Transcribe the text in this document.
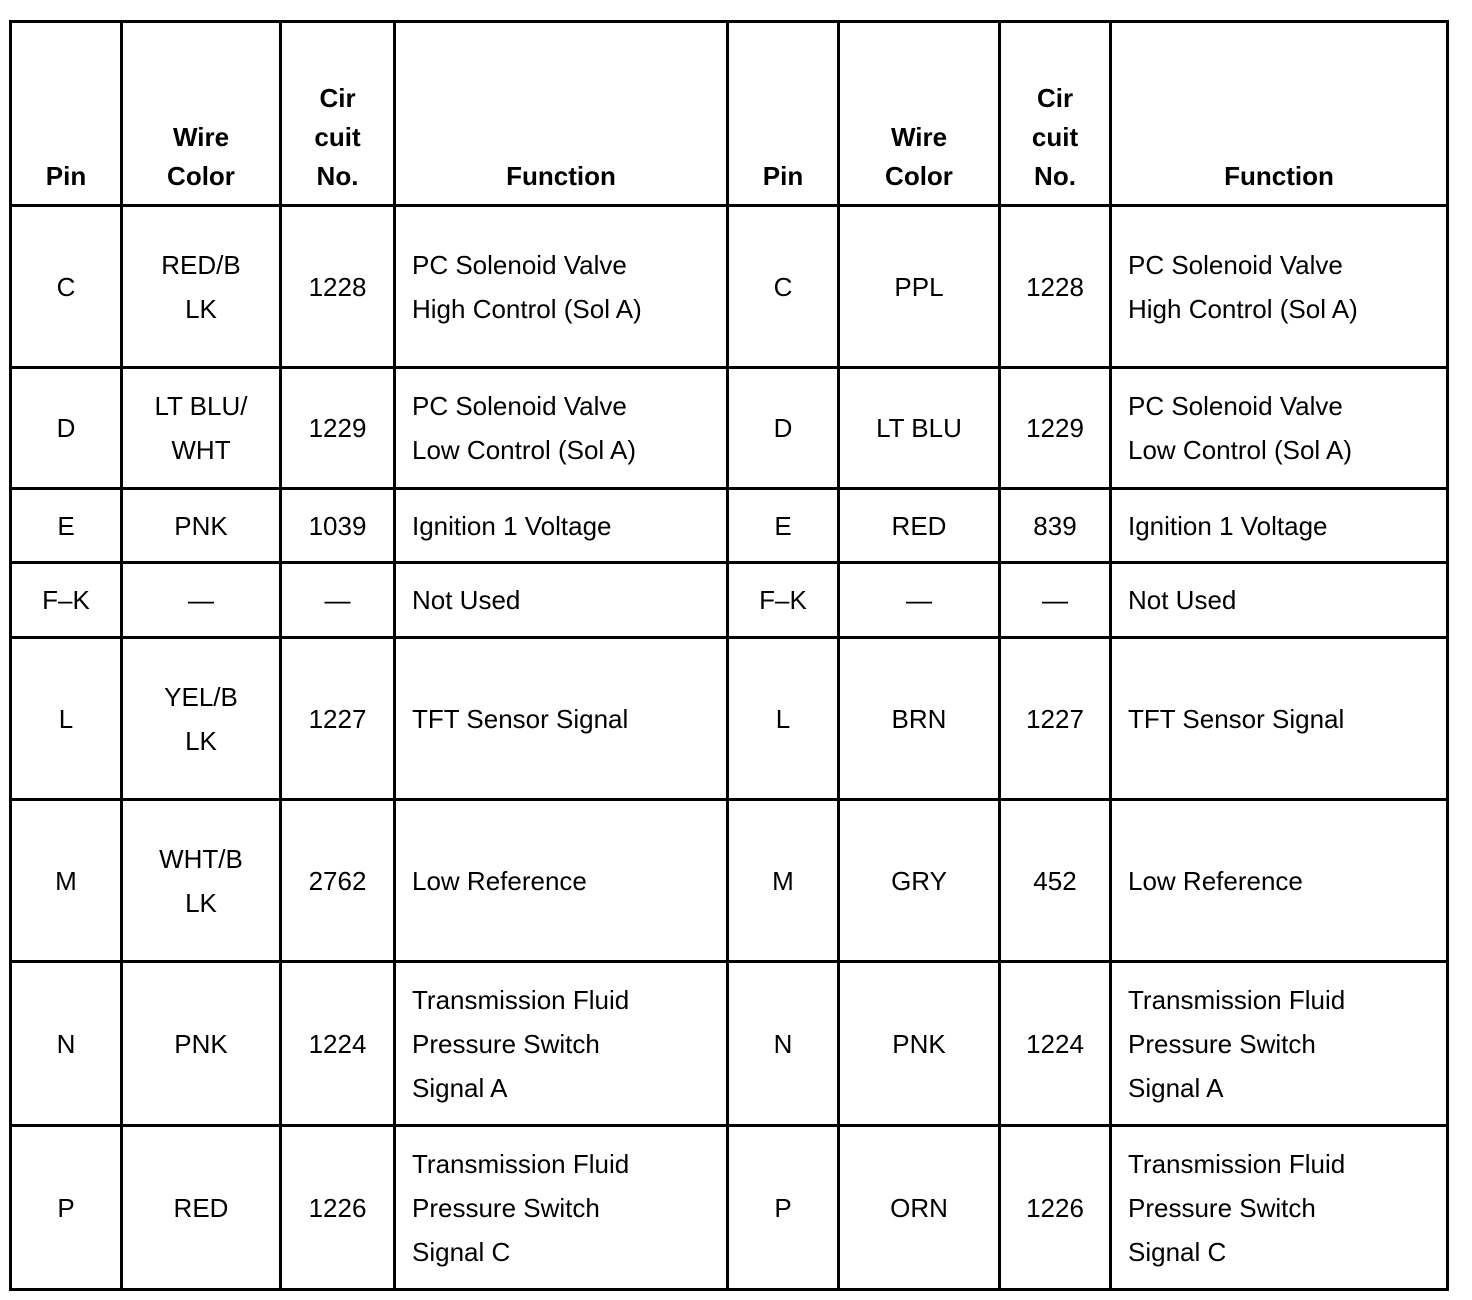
Pin	Wire
Color	Cir
cuit
No.	Function	Pin	Wire
Color	Cir
cuit
No.	Function

C	RED/B
LK	1228	PC Solenoid Valve
High Control (Sol A)	C	PPL	1228	PC Solenoid Valve
High Control (Sol A)

D	LT BLU/
WHT	1229	PC Solenoid Valve
Low Control (Sol A)	D	LT BLU	1229	PC Solenoid Valve
Low Control (Sol A)

E	PNK	1039	Ignition 1 Voltage	E	RED	839	Ignition 1 Voltage

F–K	—	—	Not Used	F–K	—	—	Not Used

L	YEL/B
LK	1227	TFT Sensor Signal	L	BRN	1227	TFT Sensor Signal

M	WHT/B
LK	2762	Low Reference	M	GRY	452	Low Reference

N	PNK	1224	Transmission Fluid
Pressure Switch
Signal A	N	PNK	1224	Transmission Fluid
Pressure Switch
Signal A

P	RED	1226	Transmission Fluid
Pressure Switch
Signal C	P	ORN	1226	Transmission Fluid
Pressure Switch
Signal C
